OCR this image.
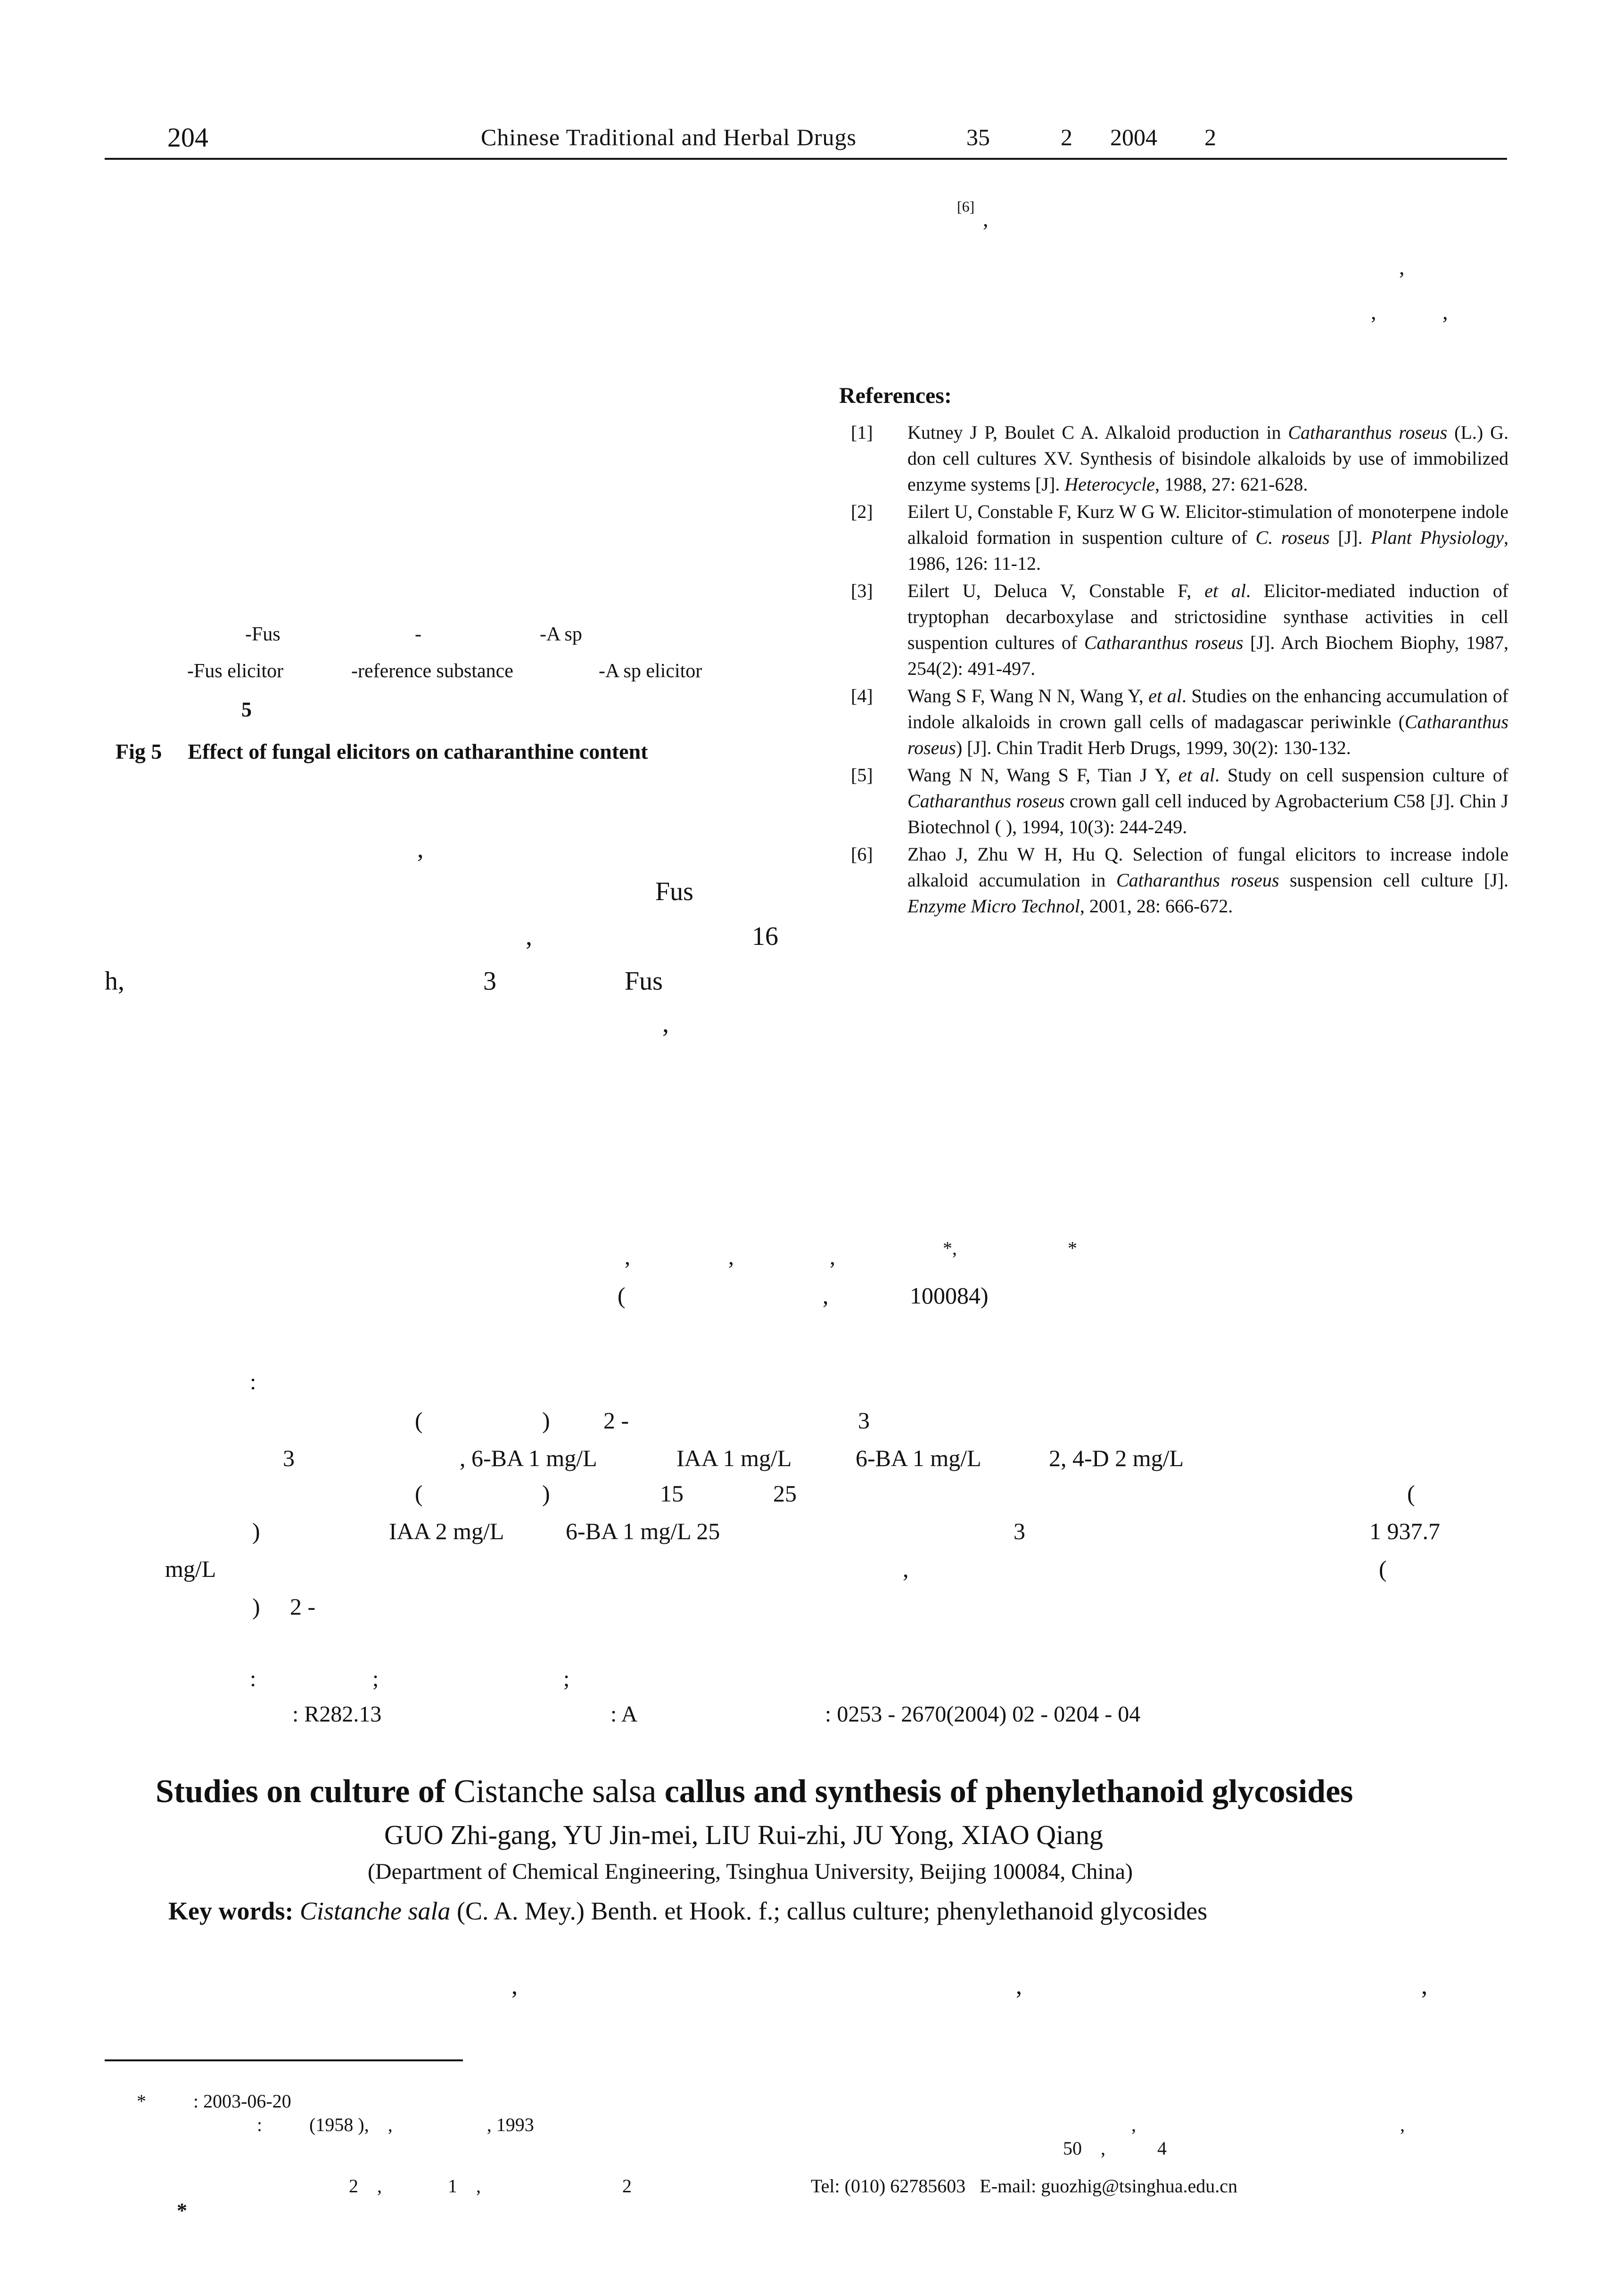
204	Chinese Traditional and Herbal Drugs	35	2 2004 2
[6]
,
,
,	,
-Fus	-	-A sp
-Fus elicitor	-reference substance	-A sp elicitor
5
Fig 5 Effect of fungal elicitors on catharanthine content
,
Fus
,	16
h,	3	Fus
,
References:
[1] Kutney J P, Boulet C A. Alkaloid production in Catharanthus roseus (L.) G. don cell cultures XV. Synthesis of bisindole alkaloids by use of immobilized enzyme systems [J]. Heterocycle, 1988, 27: 621-628.
[2] Eilert U, Constable F, Kurz W G W. Elicitor-stimulation of monoterpene indole alkaloid formation in suspention culture of C. roseus [J]. Plant Physiology, 1986, 126: 11-12.
[3] Eilert U, Deluca V, Constable F, et al. Elicitor-mediated induction of tryptophan decarboxylase and strictosidine synthase activities in cell suspention cultures of Catharanthus roseus [J]. Arch Biochem Biophy, 1987, 254(2): 491-497.
[4] Wang S F, Wang N N, Wang Y, et al. Studies on the enhancing accumulation of indole alkaloids in crown gall cells of madagascar periwinkle (Catharanthus roseus) [J]. Chin Tradit Herb Drugs, 1999, 30(2): 130-132.
[5] Wang N N, Wang S F, Tian J Y, et al. Study on cell suspension culture of Catharanthus roseus crown gall cell induced by Agrobacterium C58 [J]. Chin J Biotechnol ( ), 1994, 10(3): 244-249.
[6] Zhao J, Zhu W H, Hu Q. Selection of fungal elicitors to increase indole alkaloid accumulation in Catharanthus roseus suspension cell culture [J]. Enzyme Micro Technol, 2001, 28: 666-672.
,	,	,	*,	*
(	,	100084)
:
(	) 2 -	3
3	, 6-BA 1 mg/L	IAA 1 mg/L	6-BA 1 mg/L	2, 4-D 2 mg/L
(	)	15	25	(
)	IAA 2 mg/L	6-BA 1 mg/L 25	3	1 937.7
mg/L	,	(
) 2 -
:	;	;
: R282.13	: A	: 0253 - 2670(2004) 02 - 0204 - 04
Studies on culture of Cistanche salsa callus and synthesis of phenylethanoid glycosides
GUO Zhi-gang, YU Jin-mei, LIU Rui-zhi, JU Yong, XIAO Qiang
(Department of Chemical Engineering, Tsinghua University, Beijing 100084, China)
Key words: Cistanche sala (C. A. Mey.) Benth. et Hook. f.; callus culture; phenylethanoid glycosides
,	,	,
*          : 2003-06-20
:          (1958 ),    ,                    , 1993	,                                                        ,
50    ,           4
2    ,              1    ,                              2	Tel: (010) 62785603   E-mail: guozhig@tsinghua.edu.cn
*
